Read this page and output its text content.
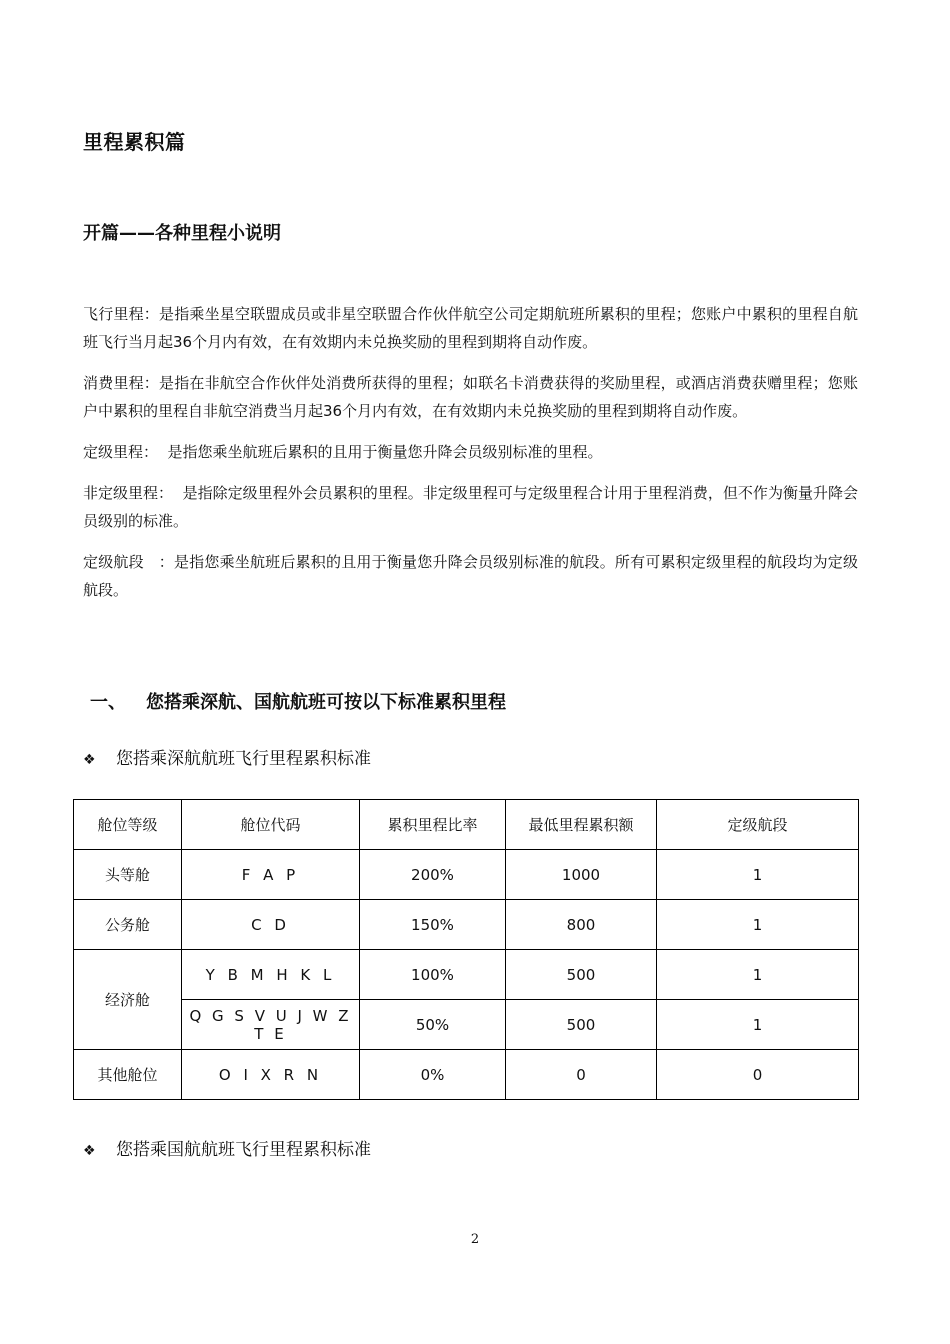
里程累积篇
开篇——各种里程小说明

飞行里程：是指乘坐星空联盟成员或非星空联盟合作伙伴航空公司定期航班所累积的里程；您账户中累积的里程自航班飞行当月起36个月内有效，在有效期内未兑换奖励的里程到期将自动作废。

消费里程：是指在非航空合作伙伴处消费所获得的里程；如联名卡消费获得的奖励里程，或酒店消费获赠里程；您账户中累积的里程自非航空消费当月起36个月内有效，在有效期内未兑换奖励的里程到期将自动作废。

定级里程：  是指您乘坐航班后累积的且用于衡量您升降会员级别标准的里程。

非定级里程：  是指除定级里程外会员累积的里程。非定级里程可与定级里程合计用于里程消费，但不作为衡量升降会员级别的标准。

定级航段   ：是指您乘坐航班后累积的且用于衡量您升降会员级别标准的航段。所有可累积定级里程的航段均为定级航段。

一、 您搭乘深航、国航航班可按以下标准累积里程
❖ 您搭乘深航航班飞行里程累积标准
舱位等级	舱位代码	累积里程比率	最低里程累积额	定级航段
头等舱	F A P	200%	1000	1
公务舱	C D	150%	800	1
经济舱	Y B M H K L	100%	500	1
	Q G S V U J W Z T E	50%	500	1
其他舱位	O I X R N	0%	0	0
❖ 您搭乘国航航班飞行里程累积标准
2
